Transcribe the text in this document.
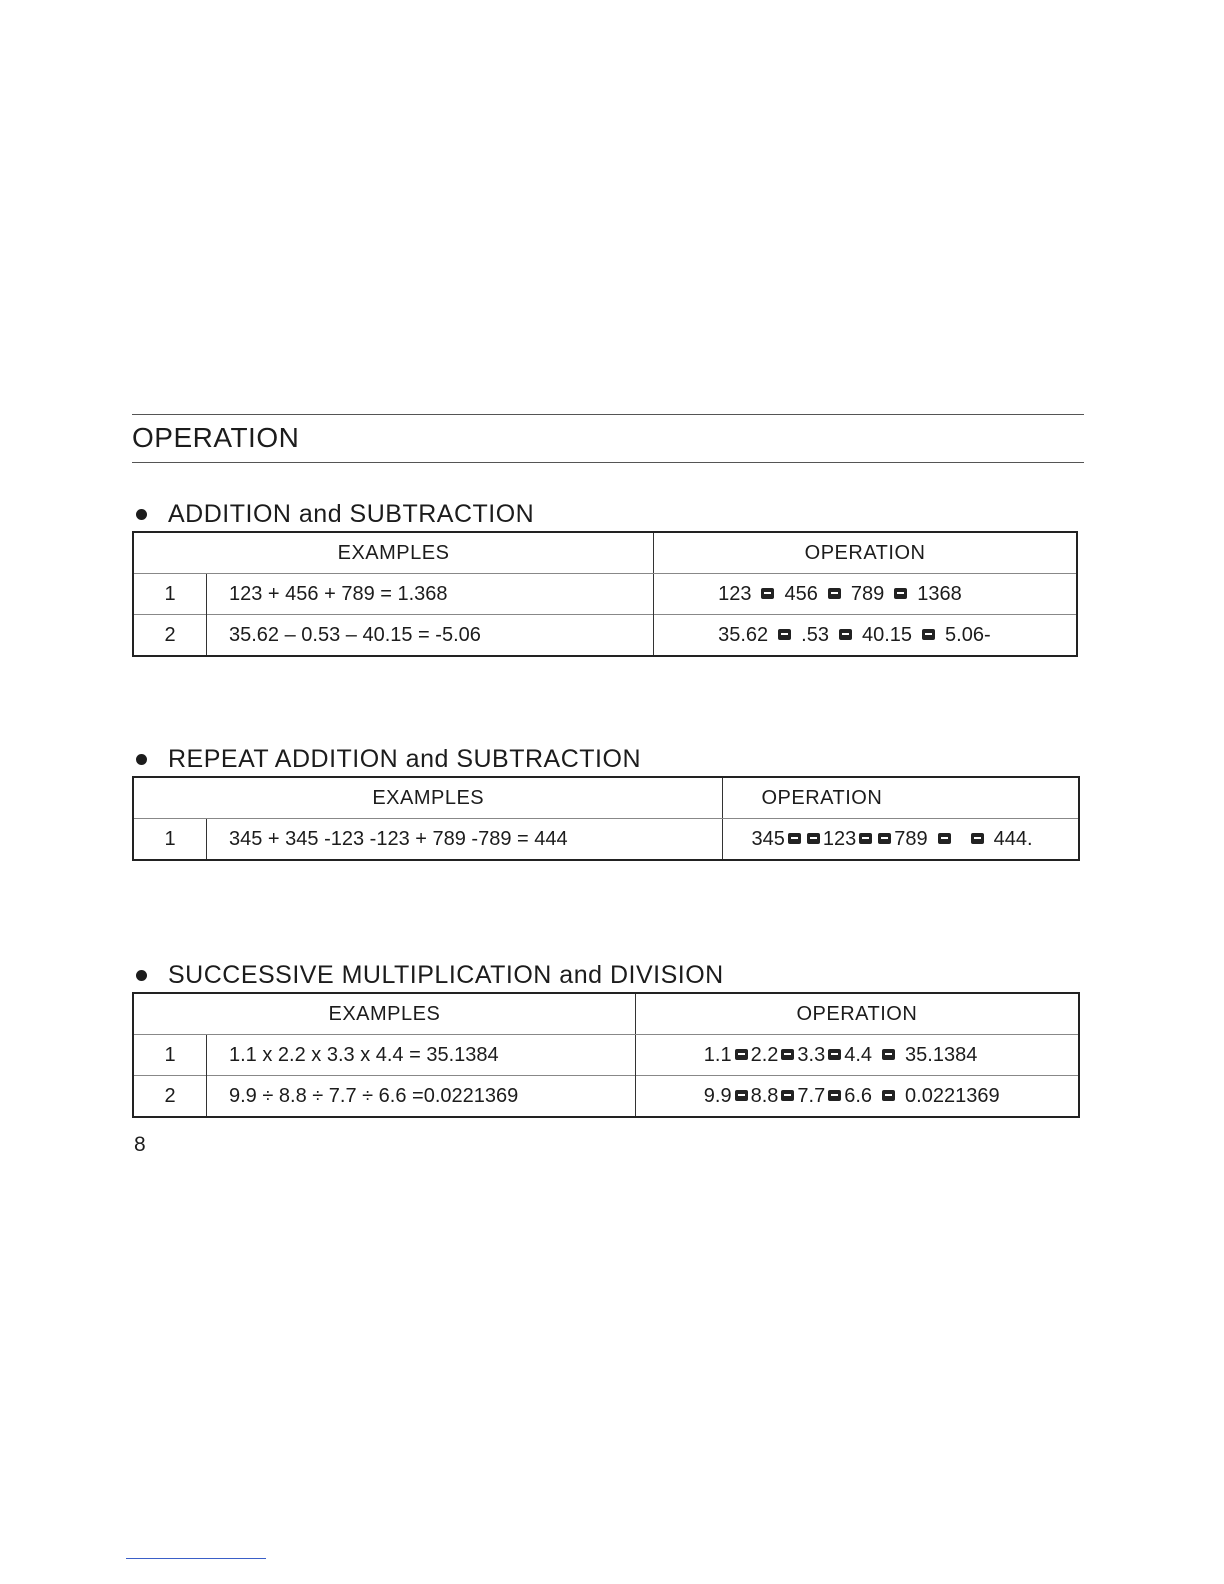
OPERATION
ADDITION and SUBTRACTION
EXAMPLES		OPERATION
1	123 + 456 + 789 = 1.368	123 456 789 1368
2	35.62 – 0.53 – 40.15 = -5.06	35.62 .53 40.15 5.06-
REPEAT ADDITION and SUBTRACTION
EXAMPLES		OPERATION
1	345 + 345 -123 -123 + 789 -789 = 444	345 123 789 444.
SUCCESSIVE MULTIPLICATION and DIVISION
EXAMPLES		OPERATION
1	1.1 x 2.2 x 3.3 x 4.4 = 35.1384	1.1 2.2 3.3 4.4 35.1384
2	9.9 ÷ 8.8 ÷ 7.7 ÷ 6.6 =0.0221369	9.9 8.8 7.7 6.6 0.0221369
8
